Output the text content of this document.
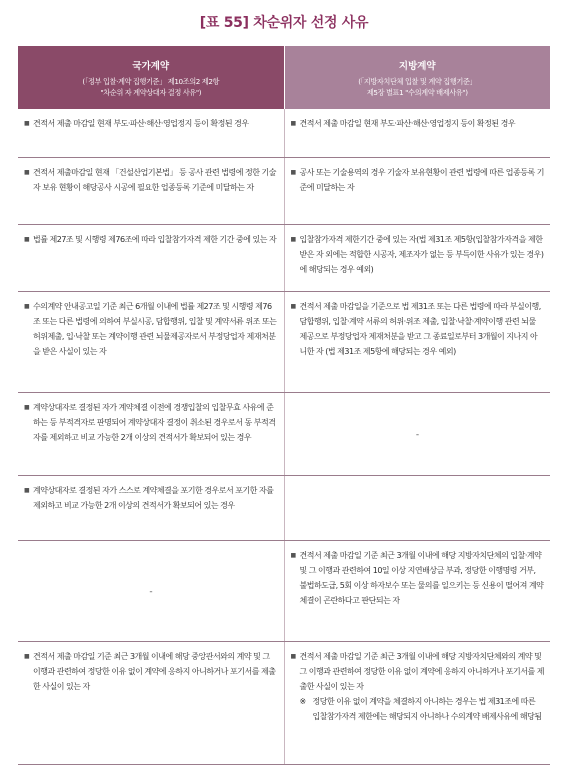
[표 55] 차순위자 선정 사유
국가계약
(「정부 입찰·계약 집행기준」 제10조의2 제2항
"차순위 자 계약상대자 결정 사유")
지방계약
(「지방자치단체 입찰 및 계약 집행기준」
제5장 별표1 "수의계약 배제사유")
■ 견적서 제출 마감일 현재 부도·파산·해산·영업정지 등이 확정된 경우	■ 견적서 제출 마감일 현재 부도·파산·해산·영업정지 등이 확정된 경우
■ 견적서 제출마감일 현재 「건설산업기본법」 등 공사 관련 법령에 정한 기술자 보유 현황이 해당공사 시공에 필요한 업종등록 기준에 미달하는 자
■ 공사 또는 기술용역의 경우 기술자 보유현황이 관련 법령에 따른 업종등록 기준에 미달하는 자
■ 법률 제27조 및 시행령 제76조에 따라 입찰참가자격 제한 기간 중에 있는 자 ■ 입찰참가자격 제한기간 중에 있는 자(법 제31조 제5항(입찰참가자격을 제한받은 자 외에는 적합한 시공자, 제조자가 없는 등 부득이한 사유가 있는 경우)에 해당되는 경우 예외)
■ 수의계약 안내공고일 기준 최근 6개월 이내에 법률 제27조 및 시행령 제76조 또는 다른 법령에 의하여 부실시공, 담합행위, 입찰 및 계약서류 위조 또는 허위제출, 입·낙찰 또는 계약이행 관련 뇌물제공자로서 부정당업자 제재처분을 받은 사실이 있는 자
■ 견적서 제출 마감일을 기준으로 법 제31조 또는 다른 법령에 따라 부실이행, 담합행위, 입찰·계약 서류의 허위·위조 제출, 입찰·낙찰·계약이행 관련 뇌물 제공으로 부정당업자 제재처분을 받고 그 종료일로부터 3개월이 지나지 아니한 자 (법 제31조 제5항에 해당되는 경우 예외)
■ 계약상대자로 결정된 자가 계약체결 이전에 경쟁입찰의 입찰무효 사유에 준하는 등 부적격자로 판명되어 계약상대자 결정이 취소된 경우로서 동 부적격자를 제외하고 비교 가능한 2개 이상의 견적서가 확보되어 있는 경우	-
■ 계약상대자로 결정된 자가 스스로 계약체결을 포기한 경우로서 포기한 자를 제외하고 비교 가능한 2개 이상의 견적서가 확보되어 있는 경우
-
■ 견적서 제출 마감일 기준 최근 3개월 이내에 해당 지방자치단체의 입찰·계약 및 그 이행과 관련하여 10일 이상 지연배상금 부과, 정당한 이행명령 거부, 불법하도급, 5회 이상 하자보수 또는 물의를 일으키는 등 신용이 떨어져 계약 체결이 곤란하다고 판단되는 자
■ 견적서 제출 마감일 기준 최근 3개월 이내에 해당 중앙관서와의 계약 및 그 이행과 관련하여 정당한 이유 없이 계약에 응하지 아니하거나 포기서를 제출한 사실이 있는 자
■ 견적서 제출 마감일 기준 최근 3개월 이내에 해당 지방자치단체와의 계약 및 그 이행과 관련하여 정당한 이유 없이 계약에 응하지 아니하거나 포기서를 제출한 사실이 있는 자
※ 정당한 이유 없이 계약을 체결하지 아니하는 경우는 법 제31조에 따른 입찰참가자격 제한에는 해당되지 아니하나 수의계약 배제사유에 해당됨
